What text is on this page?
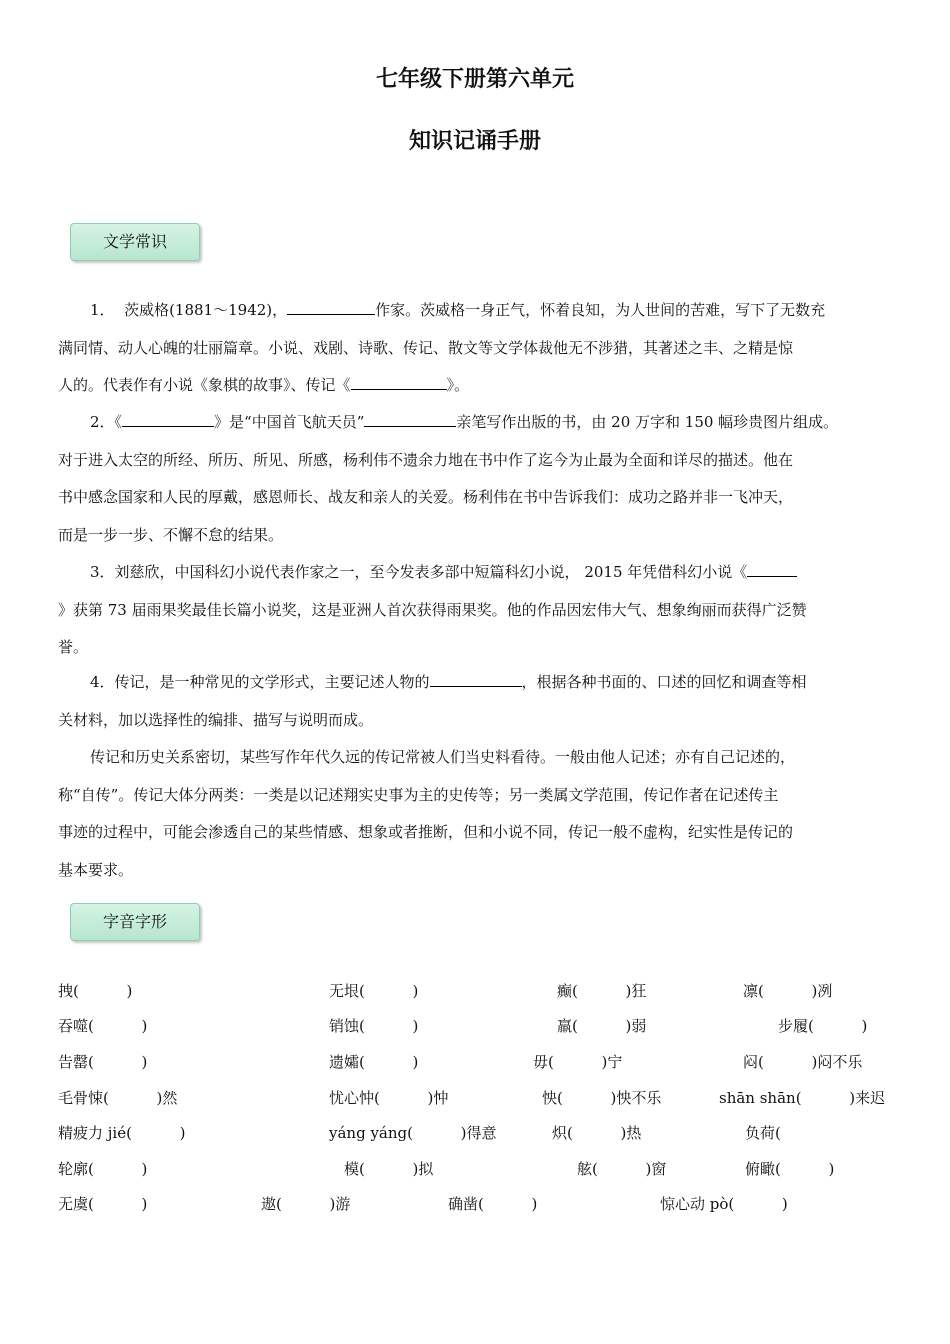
七年级下册第六单元
知识记诵手册
文学常识
1．  茨威格(1881～1942)，	作家。茨威格一身正气，怀着良知，为人世间的苦难，写下了无数充
满同情、动人心魄的壮丽篇章。小说、戏剧、诗歌、传记、散文等文学体裁他无不涉猎，其著述之丰、之精是惊
人的。代表作有小说《象棋的故事》、传记《	》。
2．《	》是“中国首飞航天员”	亲笔写作出版的书，由 20 万字和 150 幅珍贵图片组成。
对于进入太空的所经、所历、所见、所感，杨利伟不遗余力地在书中作了迄今为止最为全面和详尽的描述。他在
书中感念国家和人民的厚戴，感恩师长、战友和亲人的关爱。杨利伟在书中告诉我们：成功之路并非一飞冲天，
而是一步一步、不懈不怠的结果。
3．刘慈欣，中国科幻小说代表作家之一，至今发表多部中短篇科幻小说， 2015 年凭借科幻小说《
》获第 73 届雨果奖最佳长篇小说奖，这是亚洲人首次获得雨果奖。他的作品因宏伟大气、想象绚丽而获得广泛赞
誉。
4．传记，是一种常见的文学形式，主要记述人物的	，根据各种书面的、口述的回忆和调查等相
关材料，加以选择性的编排、描写与说明而成。
传记和历史关系密切，某些写作年代久远的传记常被人们当史料看待。一般由他人记述；亦有自己记述的，
称“自传”。传记大体分两类：一类是以记述翔实史事为主的史传等；另一类属文学范围，传记作者在记述传主
事迹的过程中，可能会渗透自己的某些情感、想象或者推断，但和小说不同，传记一般不虚构，纪实性是传记的
基本要求。
字音字形
拽(          )	无垠(          )	癫(          )狂	凛(          )冽
吞噬(          )	销蚀(          )	羸(          )弱	步履(          )
告罄(          )	遗孀(          )	毋(          )宁	闷(          )闷不乐
毛骨悚(          )然	忧心忡(          )忡	怏(          )怏不乐	shān shān(          )来迟
精疲力 jié(          )	yáng yáng(          )得意	炽(          )热	负荷(
轮廓(          )	模(          )拟	舷(          )窗	俯瞰(          )
无虞(          )	遨(          )游	确凿(          )	惊心动 pò(          )
